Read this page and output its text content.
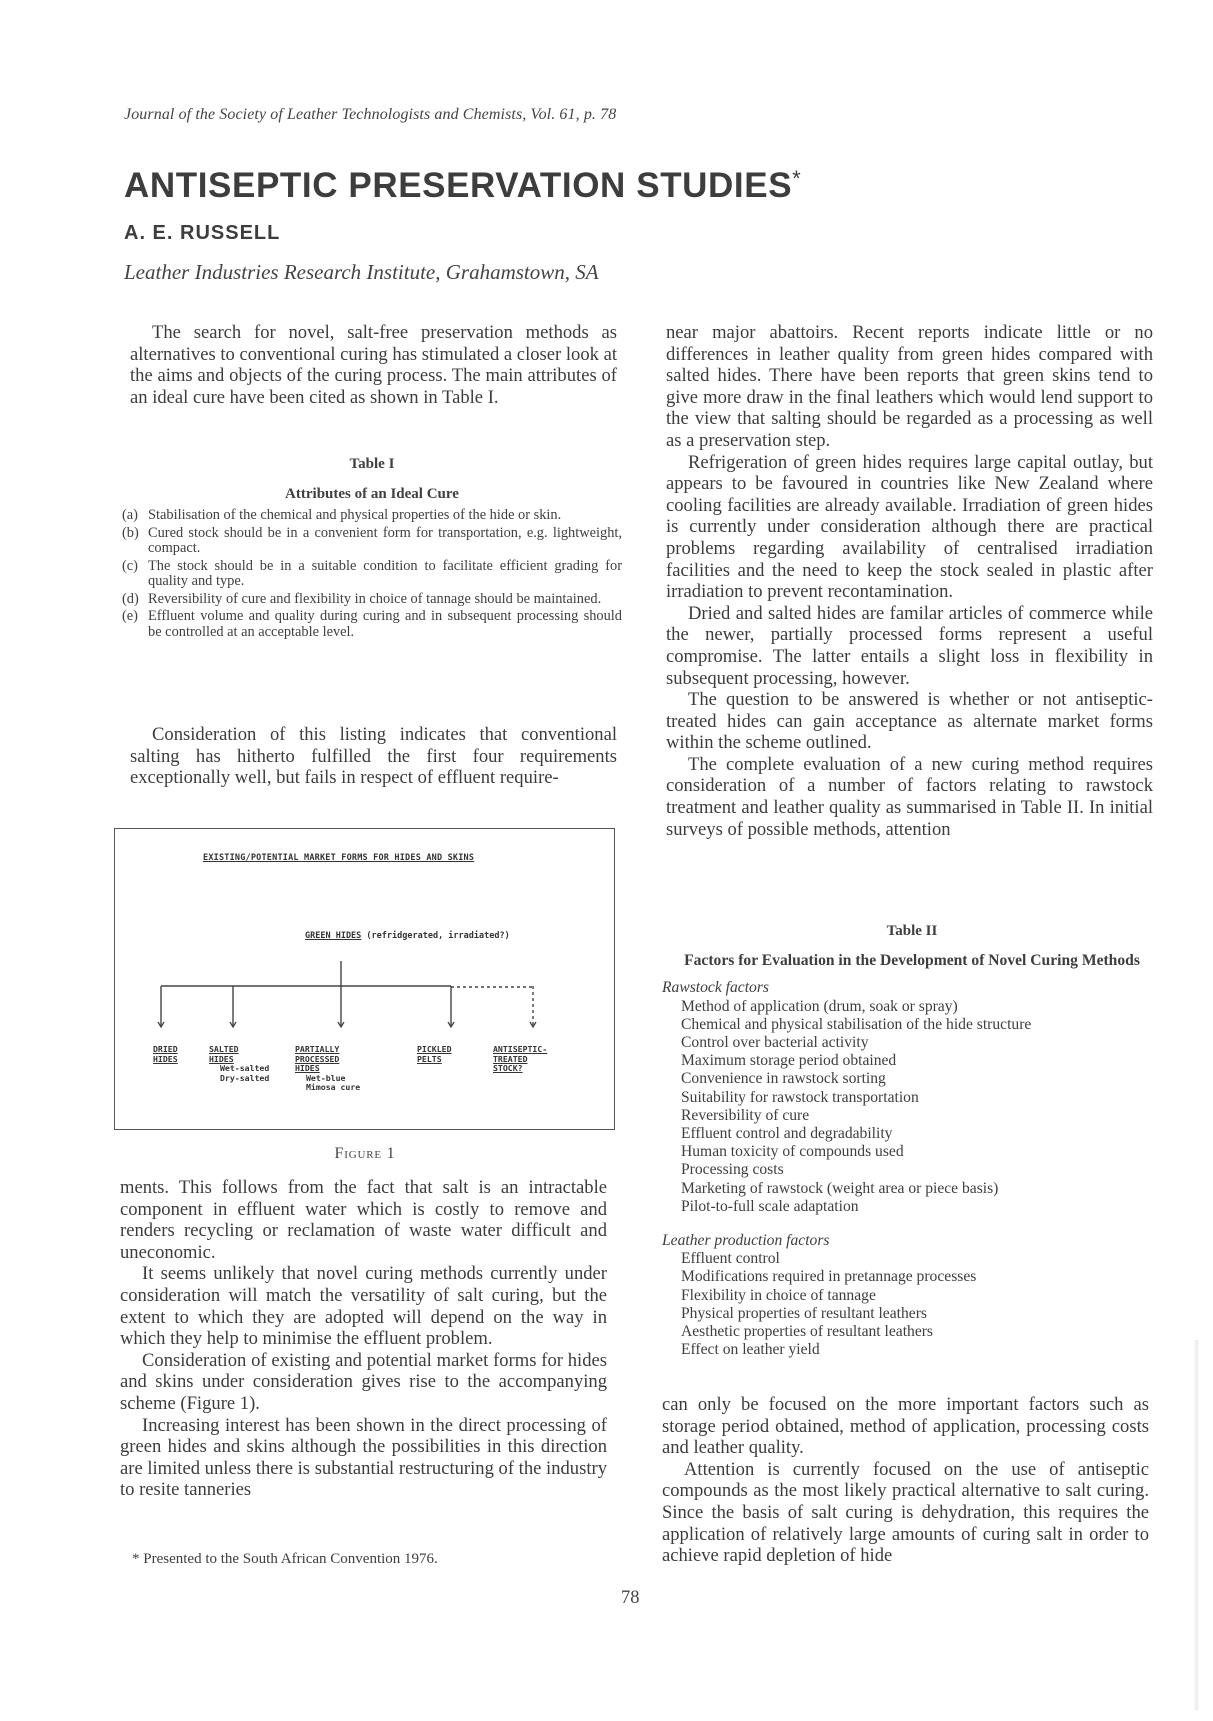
Journal of the Society of Leather Technologists and Chemists, Vol. 61, p. 78
ANTISEPTIC PRESERVATION STUDIES*
A. E. RUSSELL
Leather Industries Research Institute, Grahamstown, SA

The search for novel, salt-free preservation methods as alternatives to conventional curing has stimulated a closer look at the aims and objects of the curing process. The main attributes of an ideal cure have been cited as shown in Table I.

Table I
Attributes of an Ideal Cure
(a) Stabilisation of the chemical and physical properties of the hide or skin.
(b) Cured stock should be in a convenient form for transportation, e.g. lightweight, compact.
(c) The stock should be in a suitable condition to facilitate efficient grading for quality and type.
(d) Reversibility of cure and flexibility in choice of tannage should be maintained.
(e) Effluent volume and quality during curing and in subsequent processing should be controlled at an acceptable level.

Consideration of this listing indicates that conventional salting has hitherto fulfilled the first four requirements exceptionally well, but fails in respect of effluent require-

EXISTING/POTENTIAL MARKET FORMS FOR HIDES AND SKINS
GREEN HIDES (refridgerated, irradiated?)
DRIED
HIDES
SALTED
HIDES
Wet-salted
Dry-salted
PARTIALLY
PROCESSED
HIDES
Wet-blue
Mimosa cure
PICKLED
PELTS
ANTISEPTIC-
TREATED
STOCK?
Figure 1

ments. This follows from the fact that salt is an intractable component in effluent water which is costly to remove and renders recycling or reclamation of waste water difficult and uneconomic.

It seems unlikely that novel curing methods currently under consideration will match the versatility of salt curing, but the extent to which they are adopted will depend on the way in which they help to minimise the effluent problem.

Consideration of existing and potential market forms for hides and skins under consideration gives rise to the accompanying scheme (Figure 1).

Increasing interest has been shown in the direct processing of green hides and skins although the possibilities in this direction are limited unless there is substantial restructuring of the industry to resite tanneries

* Presented to the South African Convention 1976.

near major abattoirs. Recent reports indicate little or no differences in leather quality from green hides compared with salted hides. There have been reports that green skins tend to give more draw in the final leathers which would lend support to the view that salting should be regarded as a processing as well as a preservation step.

Refrigeration of green hides requires large capital outlay, but appears to be favoured in countries like New Zealand where cooling facilities are already available. Irradiation of green hides is currently under consideration although there are practical problems regarding availability of centralised irradiation facilities and the need to keep the stock sealed in plastic after irradiation to prevent recontamination.

Dried and salted hides are familar articles of commerce while the newer, partially processed forms represent a useful compromise. The latter entails a slight loss in flexibility in subsequent processing, however.

The question to be answered is whether or not antiseptic-treated hides can gain acceptance as alternate market forms within the scheme outlined.

The complete evaluation of a new curing method requires consideration of a number of factors relating to rawstock treatment and leather quality as summarised in Table II. In initial surveys of possible methods, attention

Table II
Factors for Evaluation in the Development of Novel Curing Methods
Rawstock factors
Method of application (drum, soak or spray)
Chemical and physical stabilisation of the hide structure
Control over bacterial activity
Maximum storage period obtained
Convenience in rawstock sorting
Suitability for rawstock transportation
Reversibility of cure
Effluent control and degradability
Human toxicity of compounds used
Processing costs
Marketing of rawstock (weight area or piece basis)
Pilot-to-full scale adaptation
Leather production factors
Effluent control
Modifications required in pretannage processes
Flexibility in choice of tannage
Physical properties of resultant leathers
Aesthetic properties of resultant leathers
Effect on leather yield

can only be focused on the more important factors such as storage period obtained, method of application, processing costs and leather quality.

Attention is currently focused on the use of antiseptic compounds as the most likely practical alternative to salt curing. Since the basis of salt curing is dehydration, this requires the application of relatively large amounts of curing salt in order to achieve rapid depletion of hide

78
